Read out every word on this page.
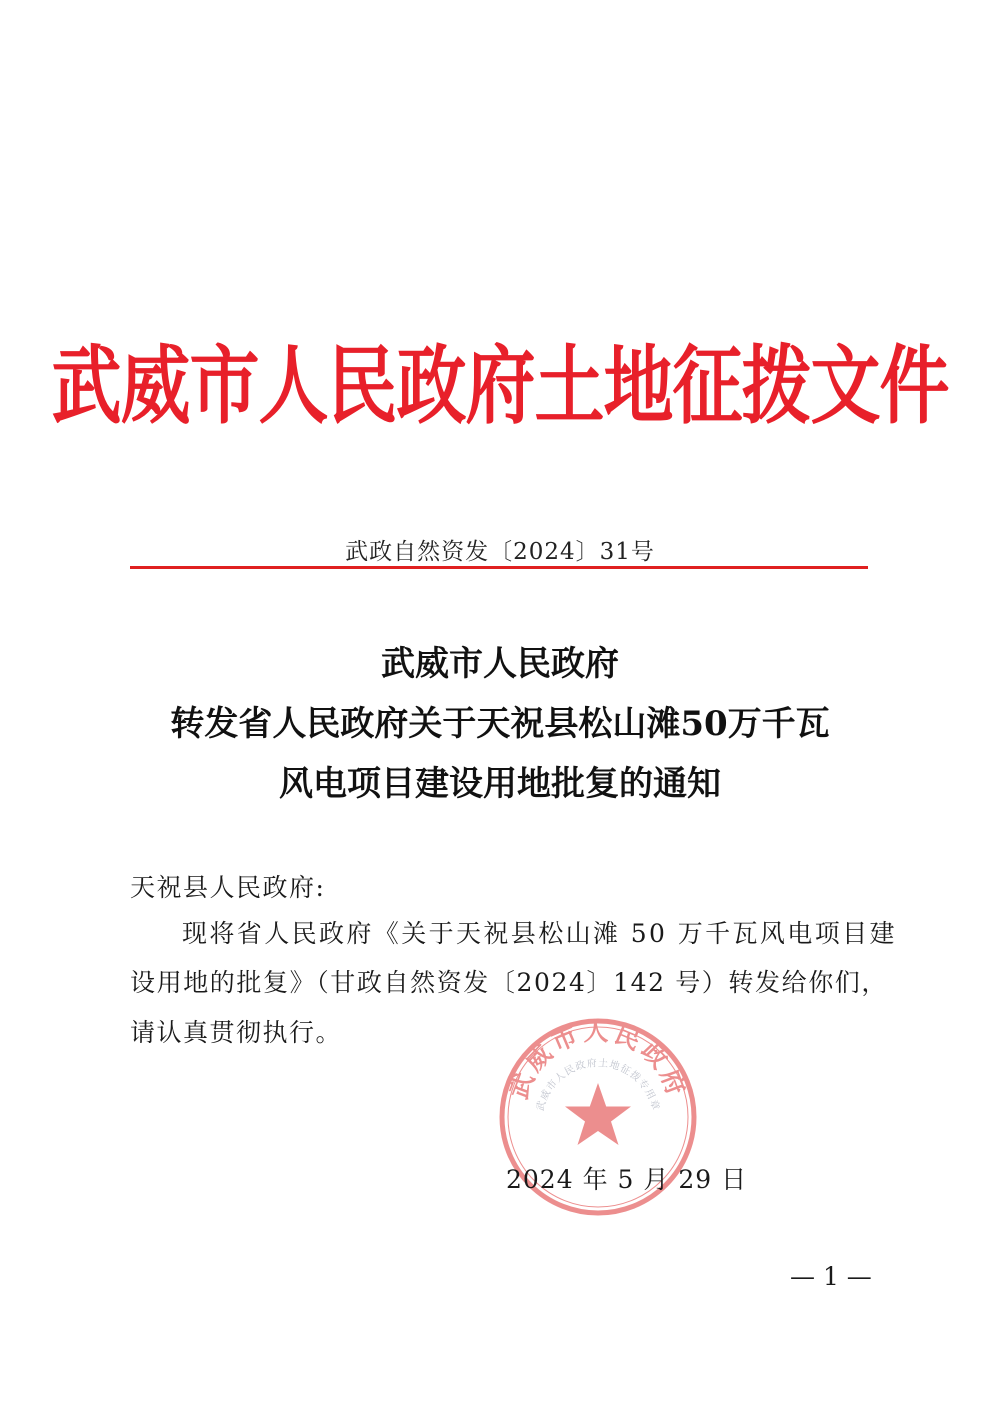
武威市人民政府土地征拨文件
武政自然资发〔2024〕31号
武威市人民政府
转发省人民政府关于天祝县松山滩50万千瓦
风电项目建设用地批复的通知
天祝县人民政府:
现将省人民政府《关于天祝县松山滩 50 万千瓦风电项目建
设用地的批复》（甘政自然资发〔2024〕142 号）转发给你们，
请认真贯彻执行。
武威市人民政府
武威市人民政府土地征拨专用章
2024 年 5 月 29 日
— 1 —
